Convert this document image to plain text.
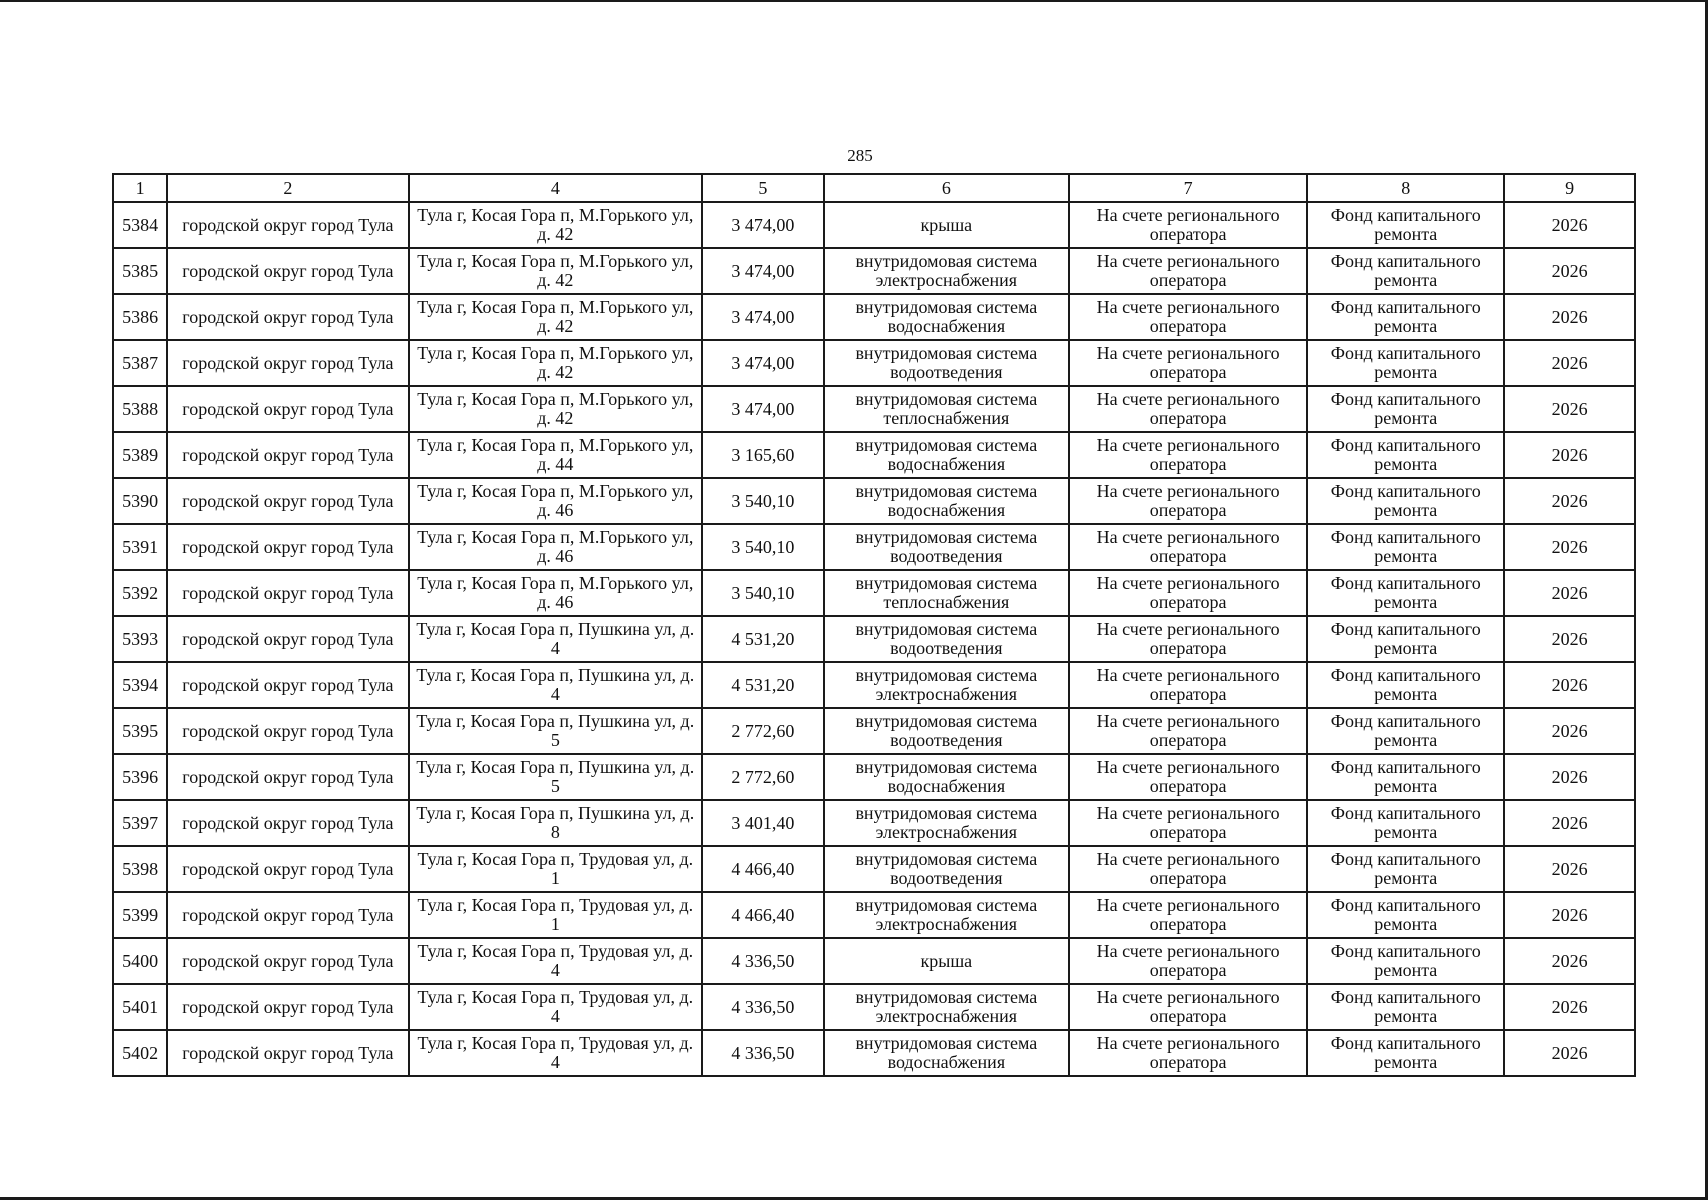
285
1	2	4	5	6	7	8	9
5384	городской округ город Тула	Тула г, Косая Гора п, М.Горького ул, д. 42	3 474,00	крыша	На счете регионального оператора	Фонд капитального ремонта	2026
5385	городской округ город Тула	Тула г, Косая Гора п, М.Горького ул, д. 42	3 474,00	внутридомовая система электроснабжения	На счете регионального оператора	Фонд капитального ремонта	2026
5386	городской округ город Тула	Тула г, Косая Гора п, М.Горького ул, д. 42	3 474,00	внутридомовая система водоснабжения	На счете регионального оператора	Фонд капитального ремонта	2026
5387	городской округ город Тула	Тула г, Косая Гора п, М.Горького ул, д. 42	3 474,00	внутридомовая система водоотведения	На счете регионального оператора	Фонд капитального ремонта	2026
5388	городской округ город Тула	Тула г, Косая Гора п, М.Горького ул, д. 42	3 474,00	внутридомовая система теплоснабжения	На счете регионального оператора	Фонд капитального ремонта	2026
5389	городской округ город Тула	Тула г, Косая Гора п, М.Горького ул, д. 44	3 165,60	внутридомовая система водоснабжения	На счете регионального оператора	Фонд капитального ремонта	2026
5390	городской округ город Тула	Тула г, Косая Гора п, М.Горького ул, д. 46	3 540,10	внутридомовая система водоснабжения	На счете регионального оператора	Фонд капитального ремонта	2026
5391	городской округ город Тула	Тула г, Косая Гора п, М.Горького ул, д. 46	3 540,10	внутридомовая система водоотведения	На счете регионального оператора	Фонд капитального ремонта	2026
5392	городской округ город Тула	Тула г, Косая Гора п, М.Горького ул, д. 46	3 540,10	внутридомовая система теплоснабжения	На счете регионального оператора	Фонд капитального ремонта	2026
5393	городской округ город Тула	Тула г, Косая Гора п, Пушкина ул, д. 4	4 531,20	внутридомовая система водоотведения	На счете регионального оператора	Фонд капитального ремонта	2026
5394	городской округ город Тула	Тула г, Косая Гора п, Пушкина ул, д. 4	4 531,20	внутридомовая система электроснабжения	На счете регионального оператора	Фонд капитального ремонта	2026
5395	городской округ город Тула	Тула г, Косая Гора п, Пушкина ул, д. 5	2 772,60	внутридомовая система водоотведения	На счете регионального оператора	Фонд капитального ремонта	2026
5396	городской округ город Тула	Тула г, Косая Гора п, Пушкина ул, д. 5	2 772,60	внутридомовая система водоснабжения	На счете регионального оператора	Фонд капитального ремонта	2026
5397	городской округ город Тула	Тула г, Косая Гора п, Пушкина ул, д. 8	3 401,40	внутридомовая система электроснабжения	На счете регионального оператора	Фонд капитального ремонта	2026
5398	городской округ город Тула	Тула г, Косая Гора п, Трудовая ул, д. 1	4 466,40	внутридомовая система водоотведения	На счете регионального оператора	Фонд капитального ремонта	2026
5399	городской округ город Тула	Тула г, Косая Гора п, Трудовая ул, д. 1	4 466,40	внутридомовая система электроснабжения	На счете регионального оператора	Фонд капитального ремонта	2026
5400	городской округ город Тула	Тула г, Косая Гора п, Трудовая ул, д. 4	4 336,50	крыша	На счете регионального оператора	Фонд капитального ремонта	2026
5401	городской округ город Тула	Тула г, Косая Гора п, Трудовая ул, д. 4	4 336,50	внутридомовая система электроснабжения	На счете регионального оператора	Фонд капитального ремонта	2026
5402	городской округ город Тула	Тула г, Косая Гора п, Трудовая ул, д. 4	4 336,50	внутридомовая система водоснабжения	На счете регионального оператора	Фонд капитального ремонта	2026
